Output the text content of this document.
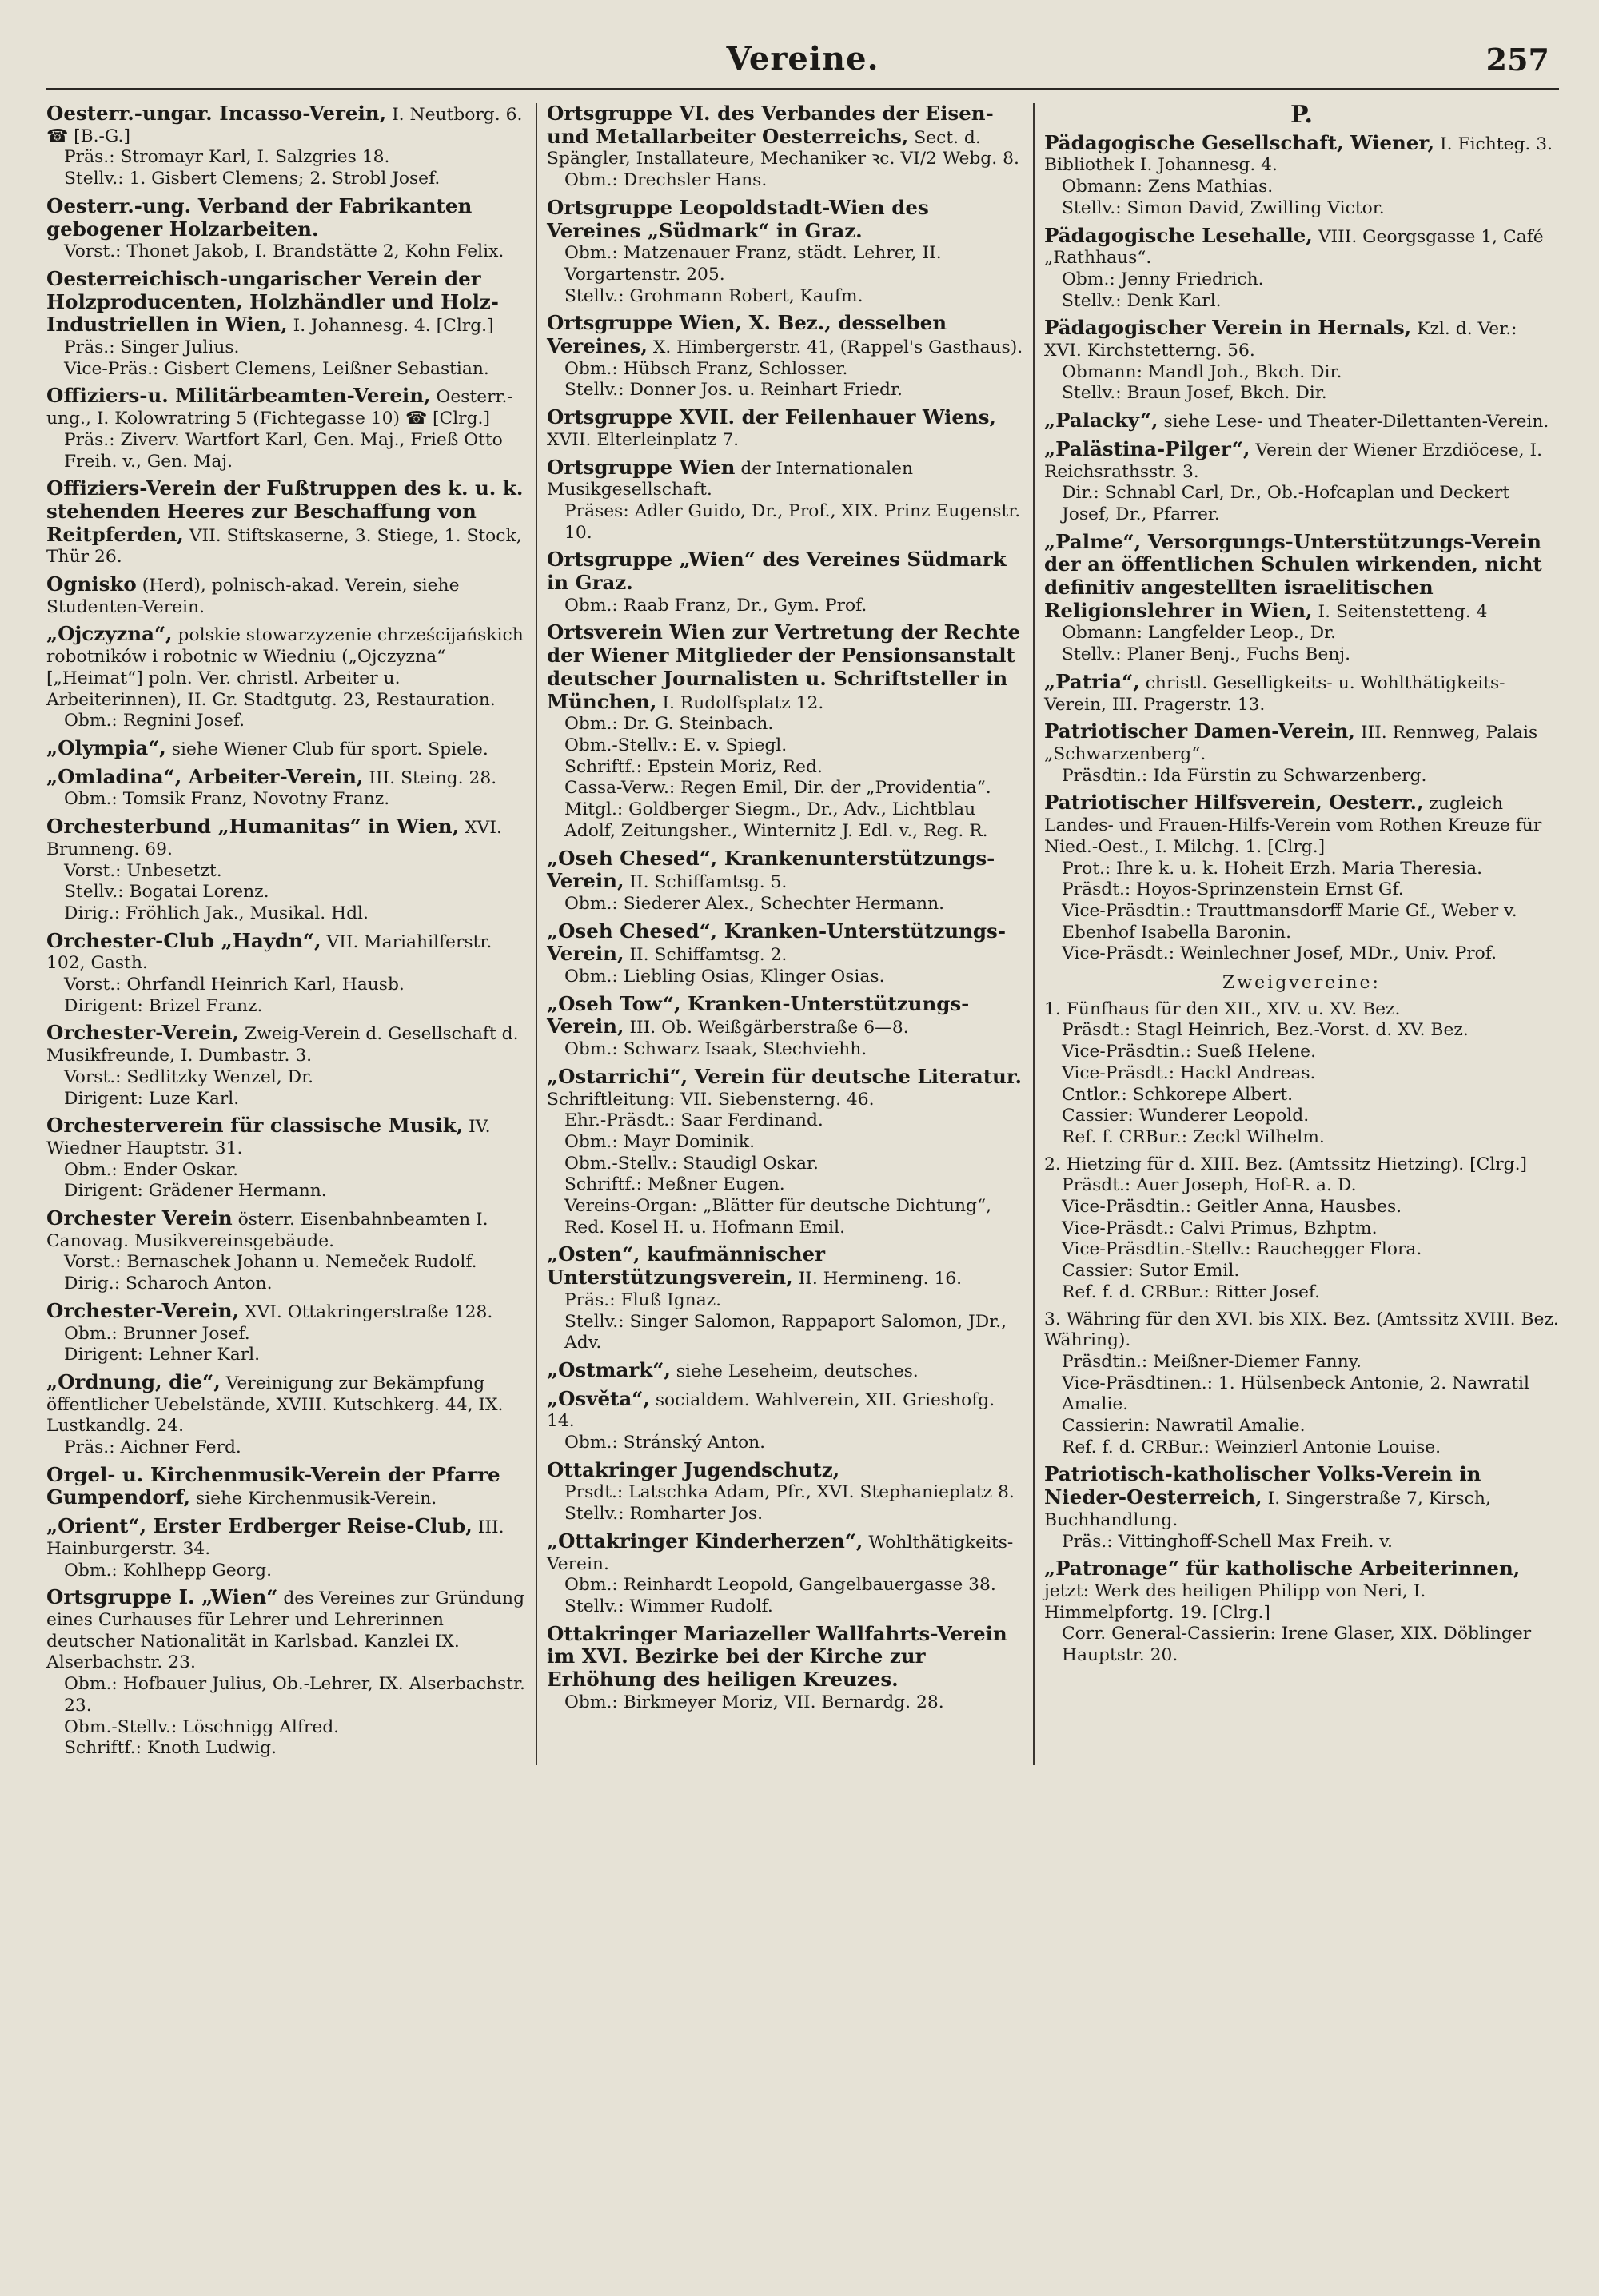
Vereine.	257
Oesterr.-ungar. Incasso-Verein, I. Neutborg. 6. ☎ [B.-G.]
Präs.: Stromayr Karl, I. Salzgries 18.
Stellv.: 1. Gisbert Clemens; 2. Strobl Josef.
Oesterr.-ung. Verband der Fabrikanten gebogener Holzarbeiten.
Vorst.: Thonet Jakob, I. Brandstätte 2, Kohn Felix.
Oesterreichisch-ungarischer Verein der Holzproducenten, Holzhändler und Holz-Industriellen in Wien, I. Johannesg. 4. [Clrg.]
Präs.: Singer Julius.
Vice-Präs.: Gisbert Clemens, Leißner Sebastian.
Offiziers-u. Militärbeamten-Verein, Oesterr.-ung., I. Kolowratring 5 (Fichtegasse 10) ☎ [Clrg.]
Präs.: Ziverv. Wartfort Karl, Gen. Maj., Frieß Otto Freih. v., Gen. Maj.
Offiziers-Verein der Fußtruppen des k. u. k. stehenden Heeres zur Beschaffung von Reitpferden, VII. Stiftskaserne, 3. Stiege, 1. Stock, Thür 26.
Ognisko (Herd), polnisch-akad. Verein, siehe Studenten-Verein.
„Ojczyzna“, polskie stowarzyzenie chrześcijańskich robotników i robotnic w Wiedniu („Ojczyzna“ [„Heimat“] poln. Ver. christl. Arbeiter u. Arbeiterinnen), II. Gr. Stadtgutg. 23, Restauration.
Obm.: Regnini Josef.
„Olympia“, siehe Wiener Club für sport. Spiele.
„Omladina“, Arbeiter-Verein, III. Steing. 28.
Obm.: Tomsik Franz, Novotny Franz.
Orchesterbund „Humanitas“ in Wien, XVI. Brunneng. 69.
Vorst.: Unbesetzt.
Stellv.: Bogatai Lorenz.
Dirig.: Fröhlich Jak., Musikal. Hdl.
Orchester-Club „Haydn“, VII. Mariahilferstr. 102, Gasth.
Vorst.: Ohrfandl Heinrich Karl, Hausb.
Dirigent: Brizel Franz.
Orchester-Verein, Zweig-Verein d. Gesellschaft d. Musikfreunde, I. Dumbastr. 3.
Vorst.: Sedlitzky Wenzel, Dr.
Dirigent: Luze Karl.
Orchesterverein für classische Musik, IV. Wiedner Hauptstr. 31.
Obm.: Ender Oskar.
Dirigent: Grädener Hermann.
Orchester Verein österr. Eisenbahnbeamten I. Canovag. Musikvereinsgebäude.
Vorst.: Bernaschek Johann u. Nemeček Rudolf.
Dirig.: Scharoch Anton.
Orchester-Verein, XVI. Ottakringerstraße 128.
Obm.: Brunner Josef.
Dirigent: Lehner Karl.
„Ordnung, die“, Vereinigung zur Bekämpfung öffentlicher Uebelstände, XVIII. Kutschkerg. 44, IX. Lustkandlg. 24.
Präs.: Aichner Ferd.
Orgel- u. Kirchenmusik-Verein der Pfarre Gumpendorf, siehe Kirchenmusik-Verein.
„Orient“, Erster Erdberger Reise-Club, III. Hainburgerstr. 34.
Obm.: Kohlhepp Georg.
Ortsgruppe I. „Wien“ des Vereines zur Gründung eines Curhauses für Lehrer und Lehrerinnen deutscher Nationalität in Karlsbad. Kanzlei IX. Alserbachstr. 23.
Obm.: Hofbauer Julius, Ob.-Lehrer, IX. Alserbachstr. 23.
Obm.-Stellv.: Löschnigg Alfred.
Schriftf.: Knoth Ludwig.
Ortsgruppe VI. des Verbandes der Eisen- und Metallarbeiter Oesterreichs, Sect. d. Spängler, Installateure, Mechaniker ꝛc. VI/2 Webg. 8.
Obm.: Drechsler Hans.
Ortsgruppe Leopoldstadt-Wien des Vereines „Südmark“ in Graz.
Obm.: Matzenauer Franz, städt. Lehrer, II. Vorgartenstr. 205.
Stellv.: Grohmann Robert, Kaufm.
Ortsgruppe Wien, X. Bez., desselben Vereines, X. Himbergerstr. 41, (Rappel's Gasthaus).
Obm.: Hübsch Franz, Schlosser.
Stellv.: Donner Jos. u. Reinhart Friedr.
Ortsgruppe XVII. der Feilenhauer Wiens, XVII. Elterleinplatz 7.
Ortsgruppe Wien der Internationalen Musikgesellschaft.
Präses: Adler Guido, Dr., Prof., XIX. Prinz Eugenstr. 10.
Ortsgruppe „Wien“ des Vereines Südmark in Graz.
Obm.: Raab Franz, Dr., Gym. Prof.
Ortsverein Wien zur Vertretung der Rechte der Wiener Mitglieder der Pensionsanstalt deutscher Journalisten u. Schriftsteller in München, I. Rudolfsplatz 12.
Obm.: Dr. G. Steinbach.
Obm.-Stellv.: E. v. Spiegl.
Schriftf.: Epstein Moriz, Red.
Cassa-Verw.: Regen Emil, Dir. der „Providentia“.
Mitgl.: Goldberger Siegm., Dr., Adv., Lichtblau Adolf, Zeitungsher., Winternitz J. Edl. v., Reg. R.
„Oseh Chesed“, Krankenunterstützungs-Verein, II. Schiffamtsg. 5.
Obm.: Siederer Alex., Schechter Hermann.
„Oseh Chesed“, Kranken-Unterstützungs-Verein, II. Schiffamtsg. 2.
Obm.: Liebling Osias, Klinger Osias.
„Oseh Tow“, Kranken-Unterstützungs-Verein, III. Ob. Weißgärberstraße 6—8.
Obm.: Schwarz Isaak, Stechviehh.
„Ostarrichi“, Verein für deutsche Literatur. Schriftleitung: VII. Siebensterng. 46.
Ehr.-Präsdt.: Saar Ferdinand.
Obm.: Mayr Dominik.
Obm.-Stellv.: Staudigl Oskar.
Schriftf.: Meßner Eugen.
Vereins-Organ: „Blätter für deutsche Dichtung“, Red. Kosel H. u. Hofmann Emil.
„Osten“, kaufmännischer Unterstützungsverein, II. Hermineng. 16.
Präs.: Fluß Ignaz.
Stellv.: Singer Salomon, Rappaport Salomon, JDr., Adv.
„Ostmark“, siehe Leseheim, deutsches.
„Osvěta“, socialdem. Wahlverein, XII. Grieshofg. 14.
Obm.: Stránský Anton.
Ottakringer Jugendschutz,
Prsdt.: Latschka Adam, Pfr., XVI. Stephanieplatz 8.
Stellv.: Romharter Jos.
„Ottakringer Kinderherzen“, Wohlthätigkeits-Verein.
Obm.: Reinhardt Leopold, Gangelbauergasse 38.
Stellv.: Wimmer Rudolf.
Ottakringer Mariazeller Wallfahrts-Verein im XVI. Bezirke bei der Kirche zur Erhöhung des heiligen Kreuzes.
Obm.: Birkmeyer Moriz, VII. Bernardg. 28.
P.
Pädagogische Gesellschaft, Wiener, I. Fichteg. 3. Bibliothek I. Johannesg. 4.
Obmann: Zens Mathias.
Stellv.: Simon David, Zwilling Victor.
Pädagogische Lesehalle, VIII. Georgsgasse 1, Café „Rathhaus“.
Obm.: Jenny Friedrich.
Stellv.: Denk Karl.
Pädagogischer Verein in Hernals, Kzl. d. Ver.: XVI. Kirchstetterng. 56.
Obmann: Mandl Joh., Bkch. Dir.
Stellv.: Braun Josef, Bkch. Dir.
„Palacky“, siehe Lese- und Theater-Dilettanten-Verein.
„Palästina-Pilger“, Verein der Wiener Erzdiöcese, I. Reichsrathsstr. 3.
Dir.: Schnabl Carl, Dr., Ob.-Hofcaplan und Deckert Josef, Dr., Pfarrer.
„Palme“, Versorgungs-Unterstützungs-Verein der an öffentlichen Schulen wirkenden, nicht definitiv angestellten israelitischen Religionslehrer in Wien, I. Seitenstetteng. 4
Obmann: Langfelder Leop., Dr.
Stellv.: Planer Benj., Fuchs Benj.
„Patria“, christl. Geselligkeits- u. Wohlthätigkeits-Verein, III. Pragerstr. 13.
Patriotischer Damen-Verein, III. Rennweg, Palais „Schwarzenberg“.
Präsdtin.: Ida Fürstin zu Schwarzenberg.
Patriotischer Hilfsverein, Oesterr., zugleich Landes- und Frauen-Hilfs-Verein vom Rothen Kreuze für Nied.-Oest., I. Milchg. 1. [Clrg.]
Prot.: Ihre k. u. k. Hoheit Erzh. Maria Theresia.
Präsdt.: Hoyos-Sprinzenstein Ernst Gf.
Vice-Präsdtin.: Trauttmansdorff Marie Gf., Weber v. Ebenhof Isabella Baronin.
Vice-Präsdt.: Weinlechner Josef, MDr., Univ. Prof.
Zweigvereine:
1. Fünfhaus für den XII., XIV. u. XV. Bez.
Präsdt.: Stagl Heinrich, Bez.-Vorst. d. XV. Bez.
Vice-Präsdtin.: Sueß Helene.
Vice-Präsdt.: Hackl Andreas.
Cntlor.: Schkorepe Albert.
Cassier: Wunderer Leopold.
Ref. f. CRBur.: Zeckl Wilhelm.
2. Hietzing für d. XIII. Bez. (Amtssitz Hietzing). [Clrg.]
Präsdt.: Auer Joseph, Hof-R. a. D.
Vice-Präsdtin.: Geitler Anna, Hausbes.
Vice-Präsdt.: Calvi Primus, Bzhptm.
Vice-Präsdtin.-Stellv.: Rauchegger Flora.
Cassier: Sutor Emil.
Ref. f. d. CRBur.: Ritter Josef.
3. Währing für den XVI. bis XIX. Bez. (Amtssitz XVIII. Bez. Währing).
Präsdtin.: Meißner-Diemer Fanny.
Vice-Präsdtinen.: 1. Hülsenbeck Antonie, 2. Nawratil Amalie.
Cassierin: Nawratil Amalie.
Ref. f. d. CRBur.: Weinzierl Antonie Louise.
Patriotisch-katholischer Volks-Verein in Nieder-Oesterreich, I. Singerstraße 7, Kirsch, Buchhandlung.
Präs.: Vittinghoff-Schell Max Freih. v.
„Patronage“ für katholische Arbeiterinnen, jetzt: Werk des heiligen Philipp von Neri, I. Himmelpfortg. 19. [Clrg.]
Corr. General-Cassierin: Irene Glaser, XIX. Döblinger Hauptstr. 20.
